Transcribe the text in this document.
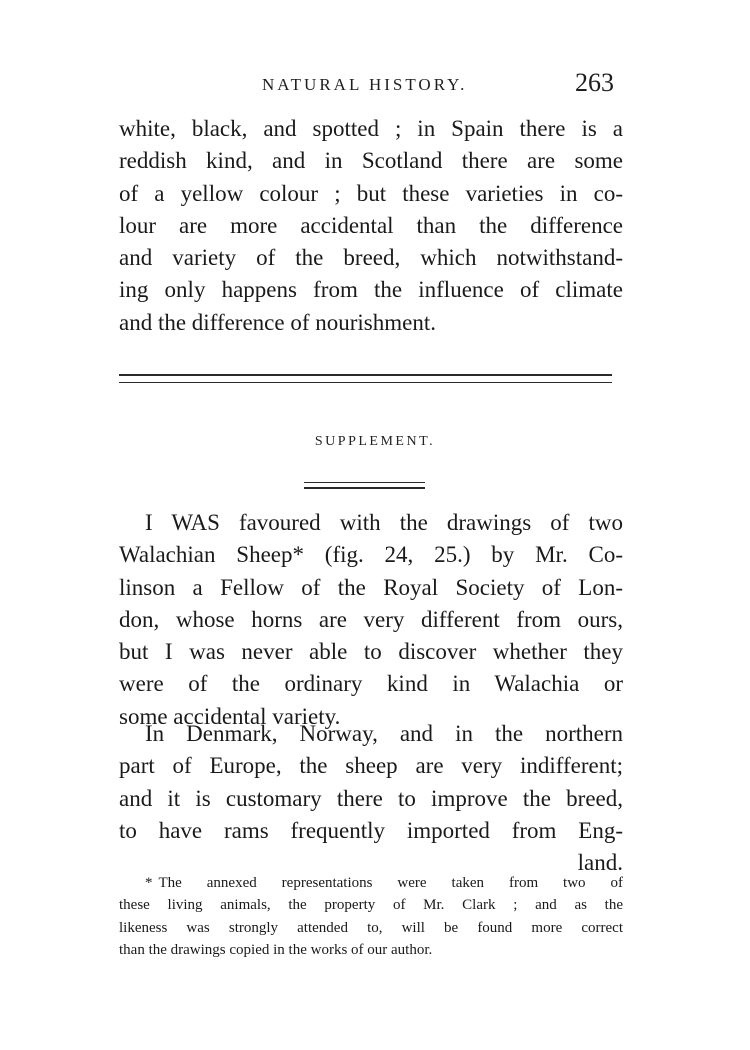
NATURAL HISTORY.	263
white, black, and spotted ; in Spain there is a
reddish kind, and in Scotland there are some
of a yellow colour ; but these varieties in co-
lour are more accidental than the difference
and variety of the breed, which notwithstand-
ing only happens from the influence of climate
and the difference of nourishment.
SUPPLEMENT.
I WAS favoured with the drawings of two
Walachian Sheep* (fig. 24, 25.) by Mr. Co-
linson a Fellow of the Royal Society of Lon-
don, whose horns are very different from ours,
but I was never able to discover whether they
were of the ordinary kind in Walachia or
some accidental variety.
In Denmark, Norway, and in the northern
part of Europe, the sheep are very indifferent;
and it is customary there to improve the breed,
to have rams frequently imported from Eng-
land.
* The annexed representations were taken from two of
these living animals, the property of Mr. Clark ; and as the
likeness was strongly attended to, will be found more correct
than the drawings copied in the works of our author.
